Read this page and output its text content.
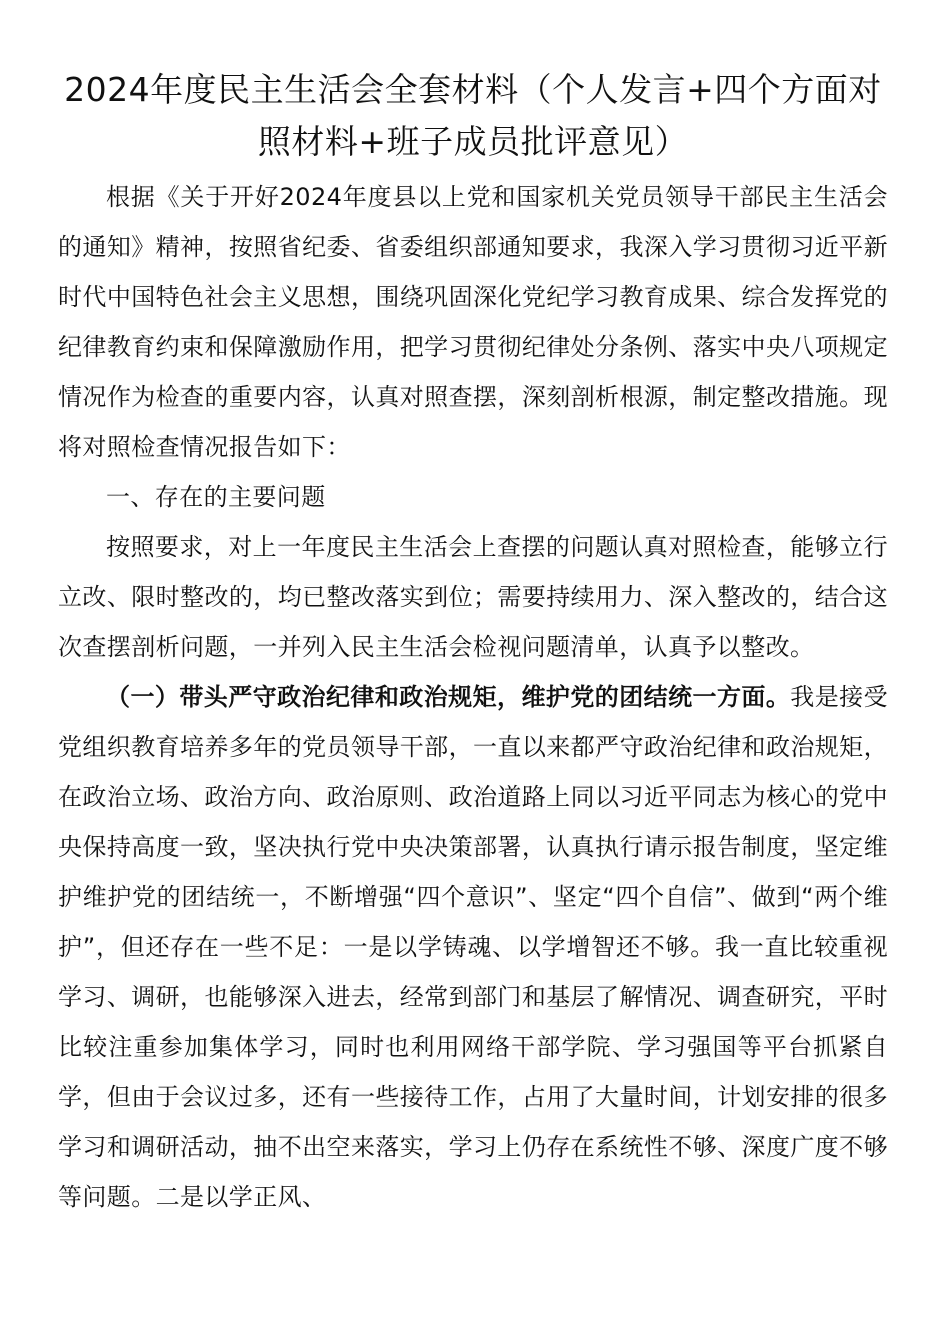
2024年度民主生活会全套材料（个人发言+四个方面对照材料+班子成员批评意见）

根据《关于开好2024年度县以上党和国家机关党员领导干部民主生活会的通知》精神，按照省纪委、省委组织部通知要求，我深入学习贯彻习近平新时代中国特色社会主义思想，围绕巩固深化党纪学习教育成果、综合发挥党的纪律教育约束和保障激励作用，把学习贯彻纪律处分条例、落实中央八项规定情况作为检查的重要内容，认真对照查摆，深刻剖析根源，制定整改措施。现将对照检查情况报告如下：

一、存在的主要问题

按照要求，对上一年度民主生活会上查摆的问题认真对照检查，能够立行立改、限时整改的，均已整改落实到位；需要持续用力、深入整改的，结合这次查摆剖析问题，一并列入民主生活会检视问题清单，认真予以整改。

（一）带头严守政治纪律和政治规矩，维护党的团结统一方面。我是接受党组织教育培养多年的党员领导干部，一直以来都严守政治纪律和政治规矩，在政治立场、政治方向、政治原则、政治道路上同以习近平同志为核心的党中央保持高度一致，坚决执行党中央决策部署，认真执行请示报告制度，坚定维护维护党的团结统一，不断增强“四个意识”、坚定“四个自信”、做到“两个维护”，但还存在一些不足：一是以学铸魂、以学增智还不够。我一直比较重视学习、调研，也能够深入进去，经常到部门和基层了解情况、调查研究，平时比较注重参加集体学习，同时也利用网络干部学院、学习强国等平台抓紧自学，但由于会议过多，还有一些接待工作，占用了大量时间，计划安排的很多学习和调研活动，抽不出空来落实，学习上仍存在系统性不够、深度广度不够等问题。二是以学正风、
